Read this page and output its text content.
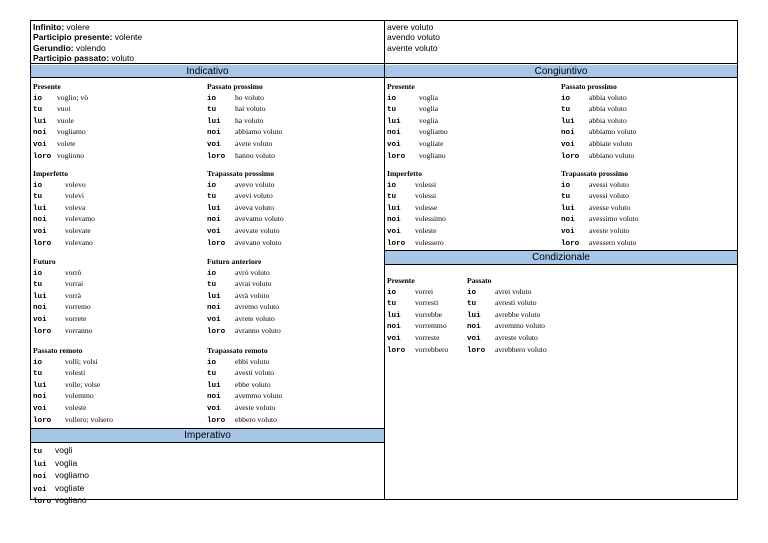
Infinito: volere
Participio presente: volente
Gerundio: volendo
Participio passato: voluto
avere voluto
avendo voluto
avente voluto
Indicativo	Congiuntivo
Condizionale
Imperativo
Presente
io voglio; vò
tu vuoi
lui vuole
noi vogliamo
voi volete
loro vogliono
Passato prossimo
io ho voluto
tu hai voluto
lui ha voluto
noi abbiamo voluto
voi avete voluto
loro hanno voluto
Imperfetto
io	volevo
tu	volevi
lui voleva
noi volevamo
voi volevate
loro volevano
Trapassato prossimo
io avevo voluto
tu avevi voluto
lui aveva voluto
noi avevamo voluto
voi avevate voluto
loro avevano voluto
Futuro
io	vorrò
tu	vorrai
lui vorrà
noi vorremo
voi vorrete
loro vorranno
Futuro anteriore
io avrò voluto
tu avrai voluto
lui avrà voluto
noi avremo voluto
voi avrete voluto
loro avranno voluto
Passato remoto
io	volli; volsi
tu	volesti
lui volle; volse
noi volemmo
voi voleste
loro vollero; volsero
Trapassato remoto
io ebbi voluto
tu avesti voluto
lui ebbe voluto
noi avemmo voluto
voi aveste voluto
loro ebbero voluto
Presente
io	voglia
tu	voglia
lui voglia
noi vogliamo
voi vogliate
loro vogliano
Passato prossimo
io abbia voluto
tu abbia voluto
lui abbia voluto
noi abbiamo voluto
voi abbiate voluto
loro abbiano voluto
Imperfetto
io volessi
tu volessi
lui volesse
noi volessimo
voi voleste
loro volessero
Trapassato prossimo
io avessi voluto
tu avessi voluto
lui avesse voluto
noi avessimo voluto
voi aveste voluto
loro avessero voluto
Presente
io vorrei
tu vorresti
lui vorrebbe
noi vorremmo
voi vorreste
loro vorrebbero
Passato
io avrei voluto
tu avresti voluto
lui avrebbe voluto
noi avremmo voluto
voi avreste voluto
loro avrebbero voluto
tu vogli
lui voglia
noi vogliamo
voi vogliate
loro vogliano
